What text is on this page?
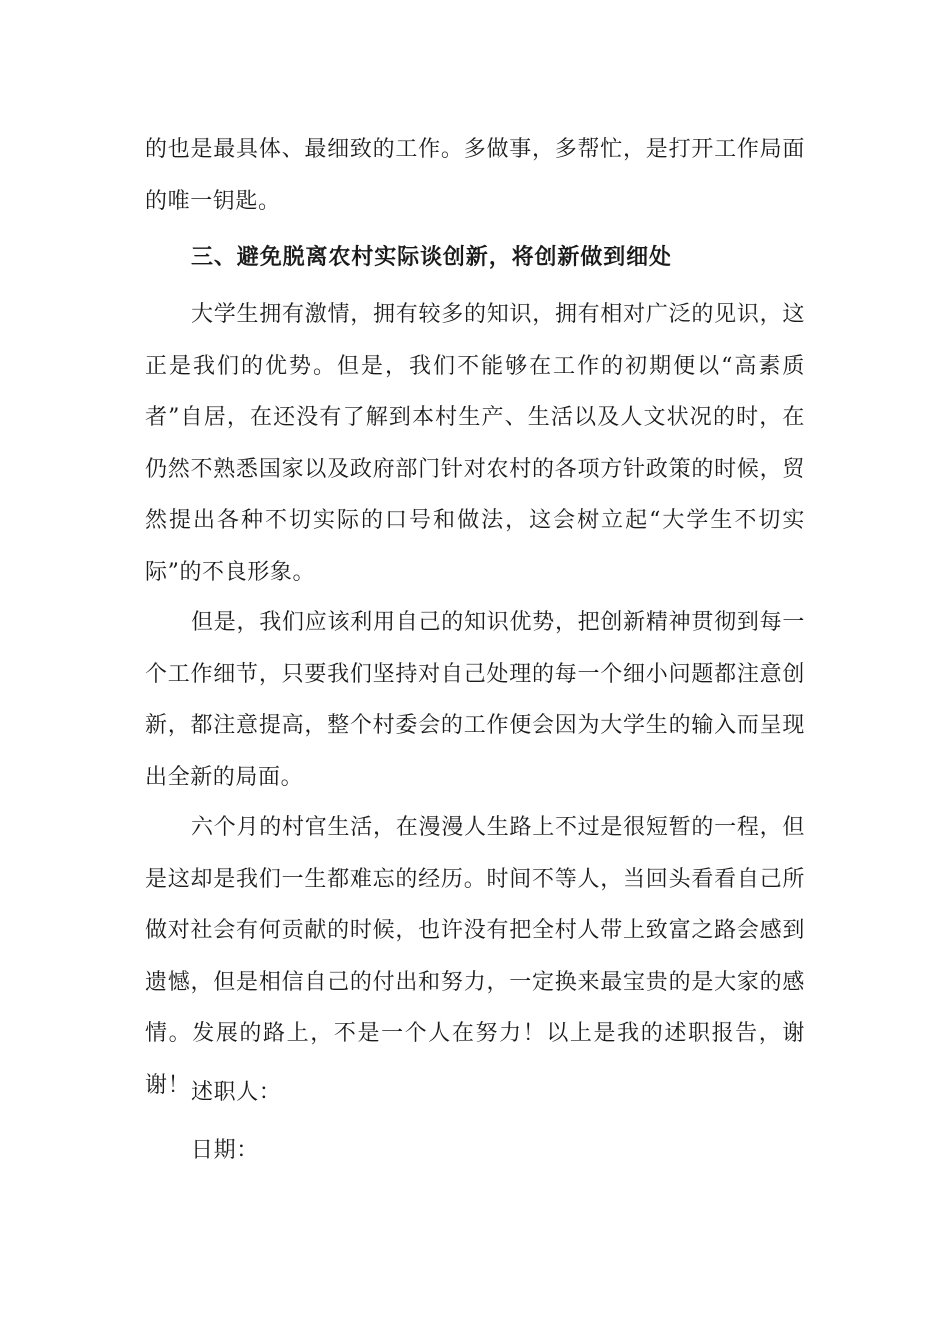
的也是最具体、最细致的工作。多做事，多帮忙，是打开工作局面的唯一钥匙。
三、避免脱离农村实际谈创新，将创新做到细处
大学生拥有激情，拥有较多的知识，拥有相对广泛的见识，这正是我们的优势。但是，我们不能够在工作的初期便以“高素质者”自居，在还没有了解到本村生产、生活以及人文状况的时，在仍然不熟悉国家以及政府部门针对农村的各项方针政策的时候，贸然提出各种不切实际的口号和做法，这会树立起“大学生不切实际”的不良形象。
但是，我们应该利用自己的知识优势，把创新精神贯彻到每一个工作细节，只要我们坚持对自己处理的每一个细小问题都注意创新，都注意提高，整个村委会的工作便会因为大学生的输入而呈现出全新的局面。
六个月的村官生活，在漫漫人生路上不过是很短暂的一程，但是这却是我们一生都难忘的经历。时间不等人，当回头看看自己所做对社会有何贡献的时候，也许没有把全村人带上致富之路会感到遗憾，但是相信自己的付出和努力，一定换来最宝贵的是大家的感情。发展的路上，不是一个人在努力！以上是我的述职报告，谢谢！ 述职人：
日期：
